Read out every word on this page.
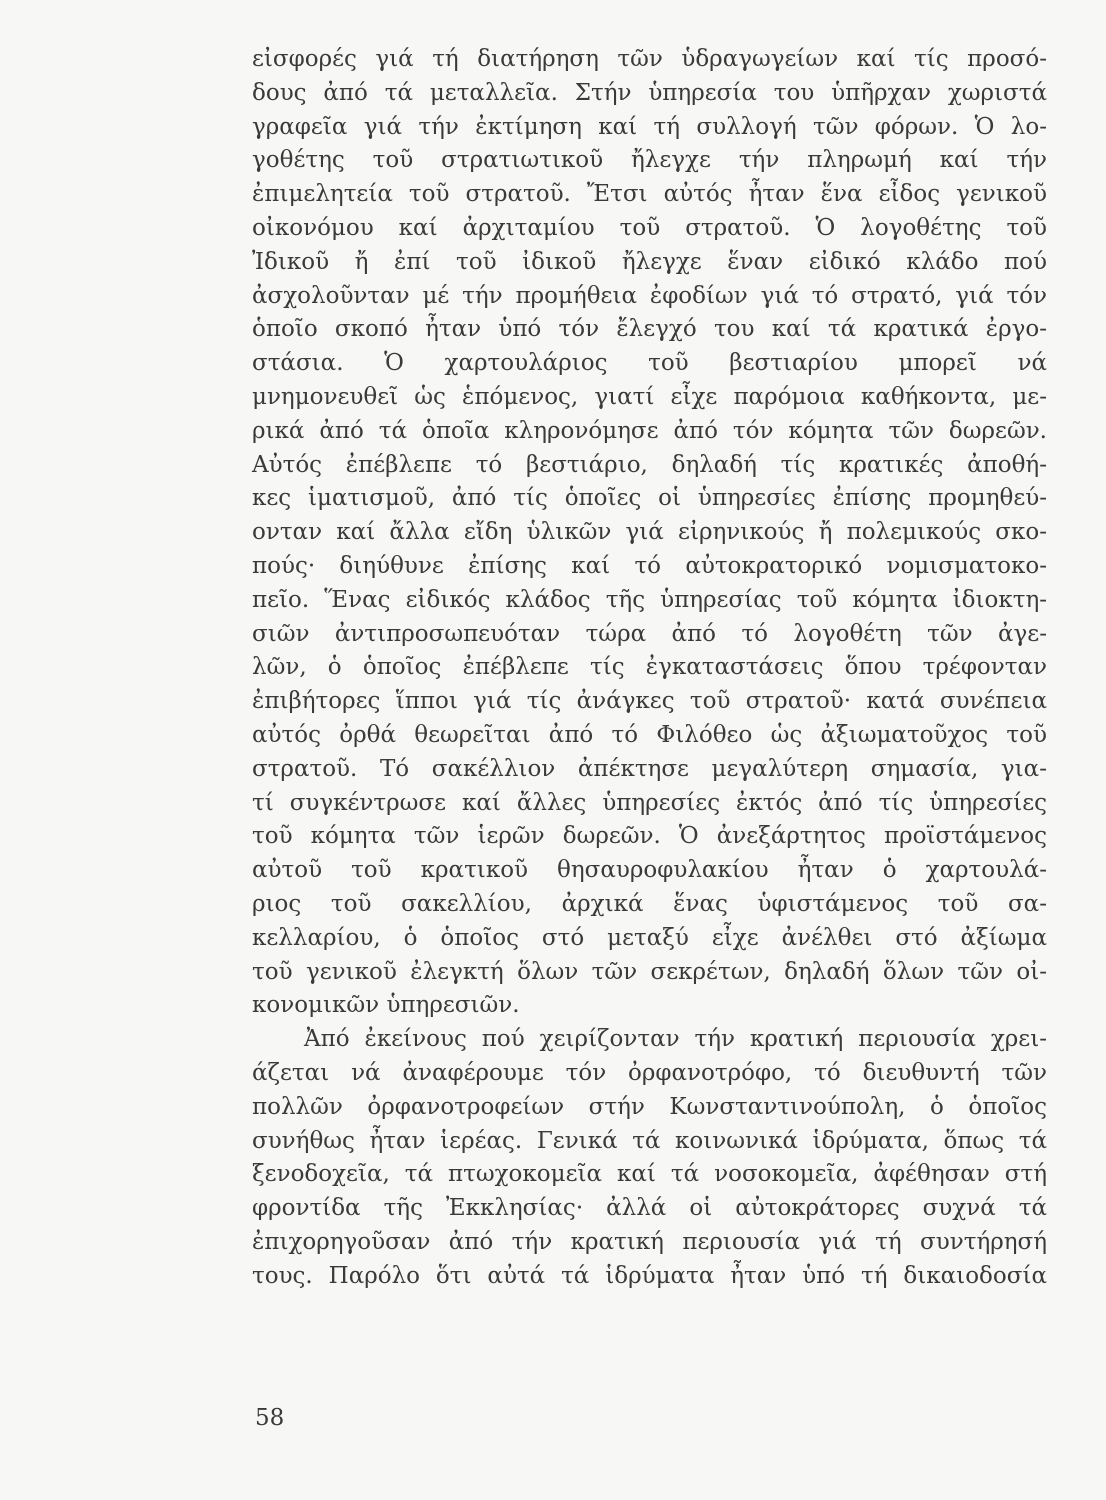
εἰσφορές γιά τή διατήρηση τῶν ὑδραγωγείων καί τίς προσό-
δους ἀπό τά μεταλλεῖα. Στήν ὑπηρεσία του ὑπῆρχαν χωριστά
γραφεῖα γιά τήν ἐκτίμηση καί τή συλλογή τῶν φόρων. Ὁ λο-
γοθέτης τοῦ στρατιωτικοῦ ἤλεγχε τήν πληρωμή καί τήν
ἐπιμελητεία τοῦ στρατοῦ. Ἔτσι αὐτός ἦταν ἕνα εἶδος γενικοῦ
οἰκονόμου καί ἀρχιταμίου τοῦ στρατοῦ. Ὁ λογοθέτης τοῦ
Ἰδικοῦ ἤ ἐπί τοῦ ἰδικοῦ ἤλεγχε ἕναν εἰδικό κλάδο πού
ἀσχολοῦνταν μέ τήν προμήθεια ἐφοδίων γιά τό στρατό, γιά τόν
ὁποῖο σκοπό ἦταν ὑπό τόν ἔλεγχό του καί τά κρατικά ἐργο-
στάσια. Ὁ χαρτουλάριος τοῦ βεστιαρίου μπορεῖ νά
μνημονευθεῖ ὡς ἑπόμενος, γιατί εἶχε παρόμοια καθήκοντα, με-
ρικά ἀπό τά ὁποῖα κληρονόμησε ἀπό τόν κόμητα τῶν δωρεῶν.
Αὐτός ἐπέβλεπε τό βεστιάριο, δηλαδή τίς κρατικές ἀποθή-
κες ἱματισμοῦ, ἀπό τίς ὁποῖες οἱ ὑπηρεσίες ἐπίσης προμηθεύ-
ονταν καί ἄλλα εἴδη ὑλικῶν γιά εἰρηνικούς ἤ πολεμικούς σκο-
πούς· διηύθυνε ἐπίσης καί τό αὐτοκρατορικό νομισματοκο-
πεῖο. Ἕνας εἰδικός κλάδος τῆς ὑπηρεσίας τοῦ κόμητα ἰδιοκτη-
σιῶν ἀντιπροσωπευόταν τώρα ἀπό τό λογοθέτη τῶν ἀγε-
λῶν, ὁ ὁποῖος ἐπέβλεπε τίς ἐγκαταστάσεις ὅπου τρέφονταν
ἐπιβήτορες ἵπποι γιά τίς ἀνάγκες τοῦ στρατοῦ· κατά συνέπεια
αὐτός ὀρθά θεωρεῖται ἀπό τό Φιλόθεο ὡς ἀξιωματοῦχος τοῦ
στρατοῦ. Τό σακέλλιον ἀπέκτησε μεγαλύτερη σημασία, για-
τί συγκέντρωσε καί ἄλλες ὑπηρεσίες ἐκτός ἀπό τίς ὑπηρεσίες
τοῦ κόμητα τῶν ἱερῶν δωρεῶν. Ὁ ἀνεξάρτητος προϊστάμενος
αὐτοῦ τοῦ κρατικοῦ θησαυροφυλακίου ἦταν ὁ χαρτουλά-
ριος τοῦ σακελλίου, ἀρχικά ἕνας ὑφιστάμενος τοῦ σα-
κελλαρίου, ὁ ὁποῖος στό μεταξύ εἶχε ἀνέλθει στό ἀξίωμα
τοῦ γενικοῦ ἐλεγκτή ὅλων τῶν σεκρέτων, δηλαδή ὅλων τῶν οἰ-
κονομικῶν ὑπηρεσιῶν.
Ἀπό ἐκείνους πού χειρίζονταν τήν κρατική περιουσία χρει-
άζεται νά ἀναφέρουμε τόν ὀρφανοτρόφο, τό διευθυντή τῶν
πολλῶν ὀρφανοτροφείων στήν Κωνσταντινούπολη, ὁ ὁποῖος
συνήθως ἦταν ἱερέας. Γενικά τά κοινωνικά ἱδρύματα, ὅπως τά
ξενοδοχεῖα, τά πτωχοκομεῖα καί τά νοσοκομεῖα, ἀφέθησαν στή
φροντίδα τῆς Ἐκκλησίας· ἀλλά οἱ αὐτοκράτορες συχνά τά
ἐπιχορηγοῦσαν ἀπό τήν κρατική περιουσία γιά τή συντήρησή
τους. Παρόλο ὅτι αὐτά τά ἱδρύματα ἦταν ὑπό τή δικαιοδοσία
58
